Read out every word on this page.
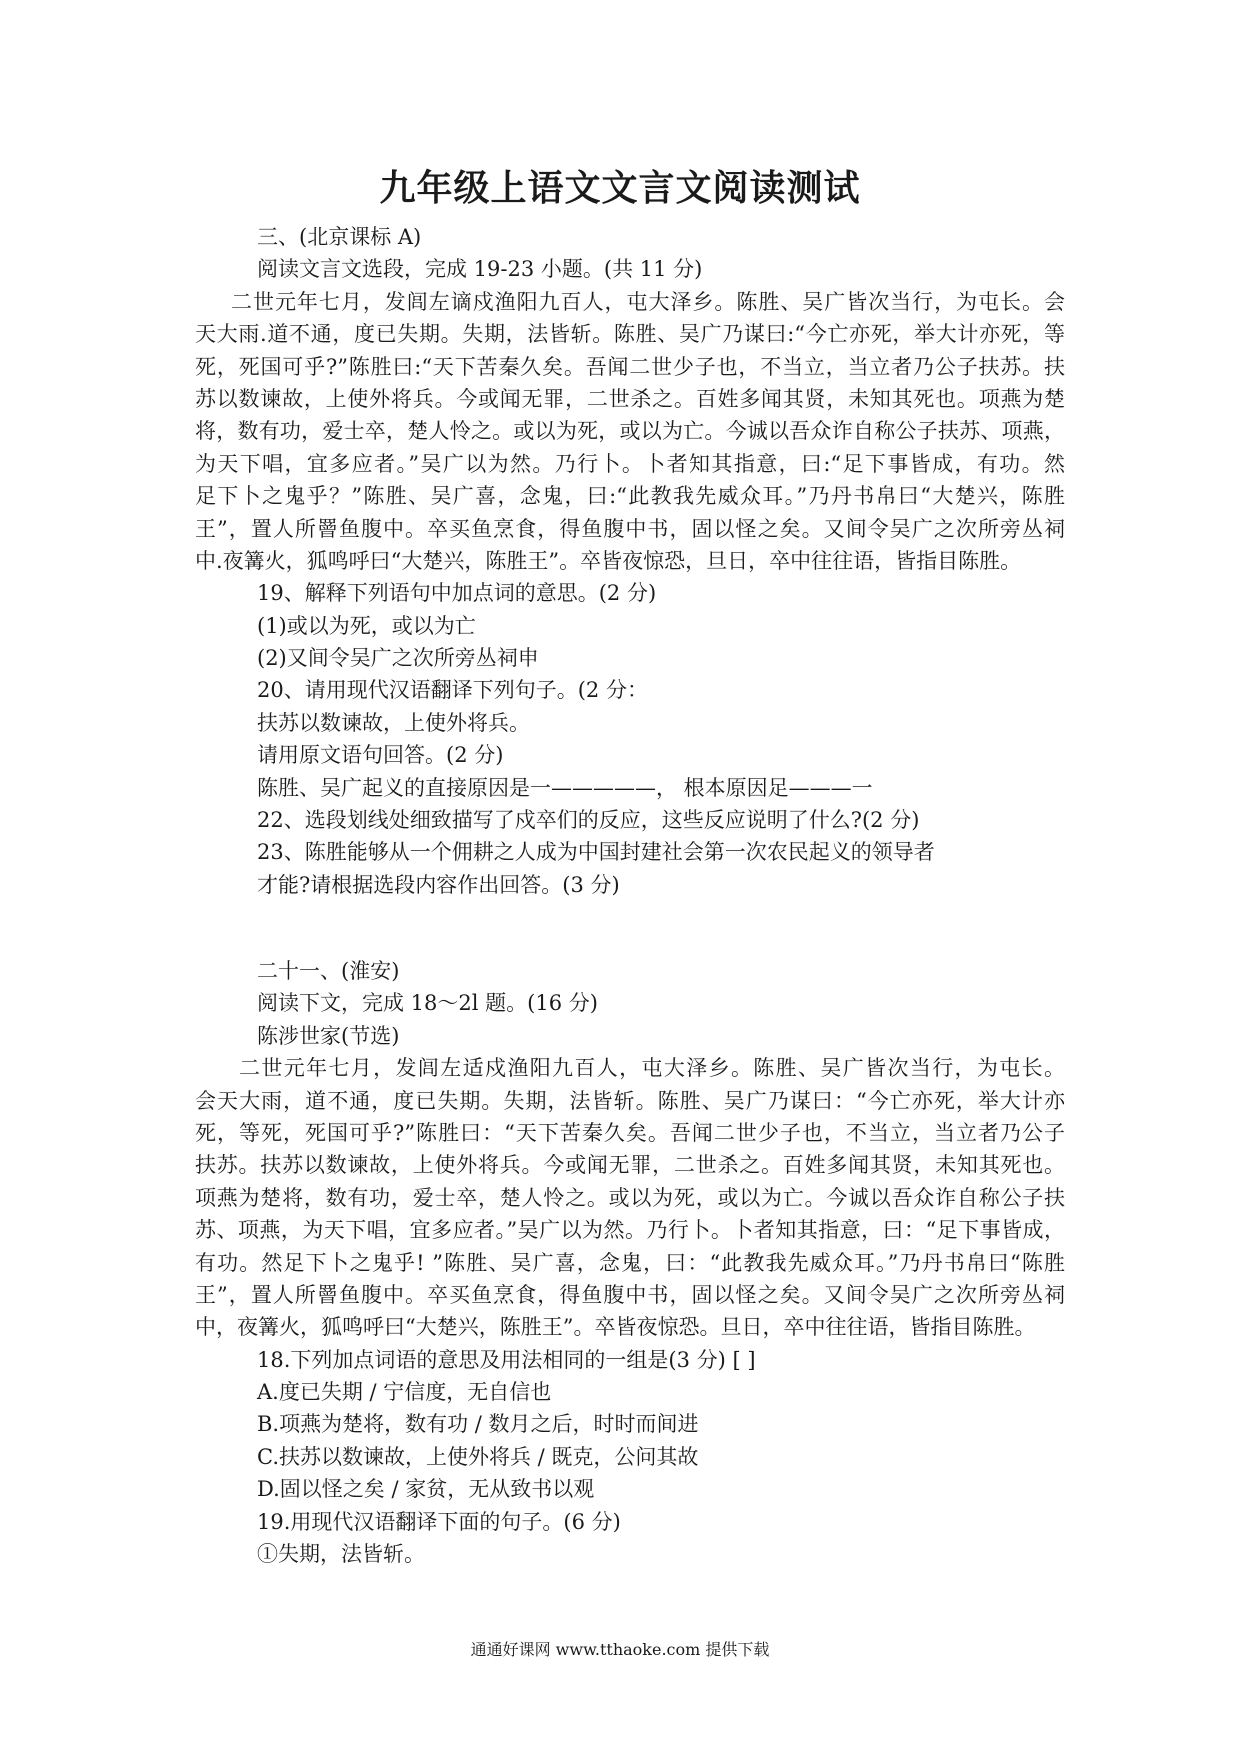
九年级上语文文言文阅读测试
三、(北京课标 A)
阅读文言文选段，完成 19-23 小题。(共 11 分)
二世元年七月，发闾左谪戍渔阳九百人，屯大泽乡。陈胜、吴广皆次当行，为屯长。会
天大雨.道不通，度已失期。失期，法皆斩。陈胜、吴广乃谋曰:“今亡亦死，举大计亦死，等
死，死国可乎?”陈胜曰:“天下苦秦久矣。吾闻二世少子也，不当立，当立者乃公子扶苏。扶
苏以数谏故，上使外将兵。今或闻无罪，二世杀之。百姓多闻其贤，未知其死也。项燕为楚
将，数有功，爱士卒，楚人怜之。或以为死，或以为亡。今诚以吾众诈自称公子扶苏、项燕，
为天下唱，宜多应者。”吴广以为然。乃行卜。卜者知其指意，曰:“足下事皆成，有功。然
足下卜之鬼乎？”陈胜、吴广喜，念鬼，曰:“此教我先威众耳。”乃丹书帛曰“大楚兴，陈胜
王”，置人所罾鱼腹中。卒买鱼烹食，得鱼腹中书，固以怪之矣。又间令吴广之次所旁丛祠
中.夜篝火，狐鸣呼曰“大楚兴，陈胜王”。卒皆夜惊恐，旦日，卒中往往语，皆指目陈胜。
19、解释下列语句中加点词的意思。(2 分)
(1)或以为死，或以为亡
(2)又间令吴广之次所旁丛祠申
20、请用现代汉语翻译下列句子。(2 分：
扶苏以数谏故，上使外将兵。
请用原文语句回答。(2 分)
陈胜、吴广起义的直接原因是一—————， 根本原因足———一
22、选段划线处细致描写了戍卒们的反应，这些反应说明了什么?(2 分)
23、陈胜能够从一个佣耕之人成为中国封建社会第一次农民起义的领导者
才能?请根据选段内容作出回答。(3 分)
二十一、(淮安)
阅读下文，完成 18～2l 题。(16 分)
陈涉世家(节选)
二世元年七月，发闾左适戍渔阳九百人，屯大泽乡。陈胜、吴广皆次当行，为屯长。
会天大雨，道不通，度已失期。失期，法皆斩。陈胜、吴广乃谋曰：“今亡亦死，举大计亦
死，等死，死国可乎?”陈胜曰：“天下苦秦久矣。吾闻二世少子也，不当立，当立者乃公子
扶苏。扶苏以数谏故，上使外将兵。今或闻无罪，二世杀之。百姓多闻其贤，未知其死也。
项燕为楚将，数有功，爱士卒，楚人怜之。或以为死，或以为亡。今诚以吾众诈自称公子扶
苏、项燕，为天下唱，宜多应者。”吴广以为然。乃行卜。卜者知其指意，曰：“足下事皆成，
有功。然足下卜之鬼乎! ”陈胜、吴广喜，念鬼，曰：“此教我先威众耳。”乃丹书帛曰“陈胜
王”，置人所罾鱼腹中。卒买鱼烹食，得鱼腹中书，固以怪之矣。又间令吴广之次所旁丛祠
中，夜篝火，狐鸣呼曰“大楚兴，陈胜王”。卒皆夜惊恐。旦日，卒中往往语，皆指目陈胜。
18.下列加点词语的意思及用法相同的一组是(3 分) [ ]
A.度已失期 / 宁信度，无自信也
B.项燕为楚将，数有功 / 数月之后，时时而间进
C.扶苏以数谏故，上使外将兵 / 既克，公问其故
D.固以怪之矣 / 家贫，无从致书以观
19.用现代汉语翻译下面的句子。(6 分)
①失期，法皆斩。
通通好课网 www.tthaoke.com 提供下载
